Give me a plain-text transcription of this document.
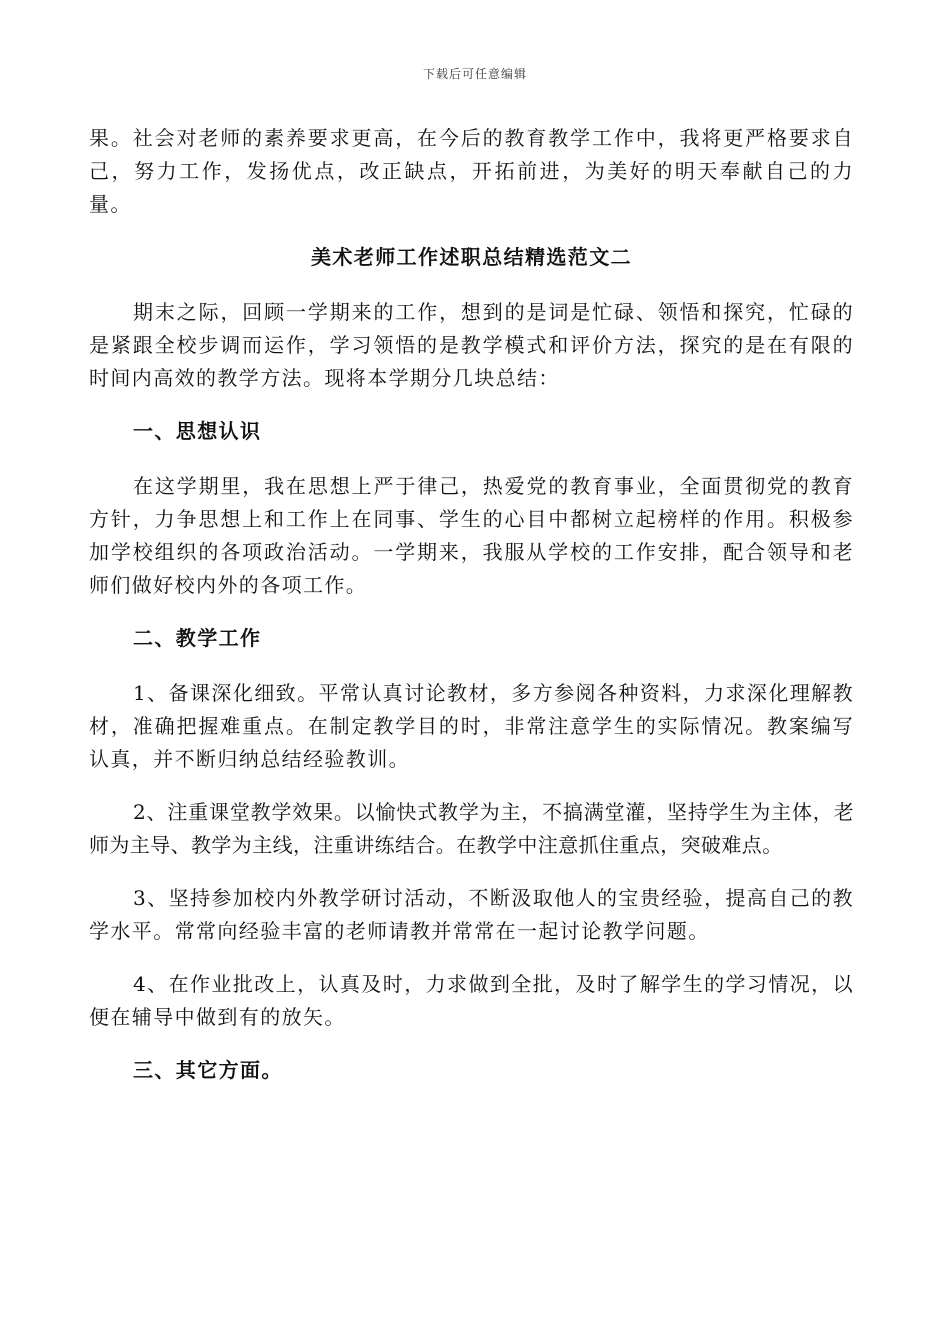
下载后可任意编辑

果。社会对老师的素养要求更高，在今后的教育教学工作中，我将更严格要求自己，努力工作，发扬优点，改正缺点，开拓前进，为美好的明天奉献自己的力量。

美术老师工作述职总结精选范文二

期末之际，回顾一学期来的工作，想到的是词是忙碌、领悟和探究，忙碌的是紧跟全校步调而运作，学习领悟的是教学模式和评价方法，探究的是在有限的时间内高效的教学方法。现将本学期分几块总结：

一、思想认识

在这学期里，我在思想上严于律己，热爱党的教育事业，全面贯彻党的教育方针，力争思想上和工作上在同事、学生的心目中都树立起榜样的作用。积极参加学校组织的各项政治活动。一学期来，我服从学校的工作安排，配合领导和老师们做好校内外的各项工作。

二、教学工作

1、备课深化细致。平常认真讨论教材，多方参阅各种资料，力求深化理解教材，准确把握难重点。在制定教学目的时，非常注意学生的实际情况。教案编写认真，并不断归纳总结经验教训。

2、注重课堂教学效果。以愉快式教学为主，不搞满堂灌，坚持学生为主体，老师为主导、教学为主线，注重讲练结合。在教学中注意抓住重点，突破难点。

3、坚持参加校内外教学研讨活动，不断汲取他人的宝贵经验，提高自己的教学水平。常常向经验丰富的老师请教并常常在一起讨论教学问题。

4、在作业批改上，认真及时，力求做到全批，及时了解学生的学习情况，以便在辅导中做到有的放矢。

三、其它方面。
